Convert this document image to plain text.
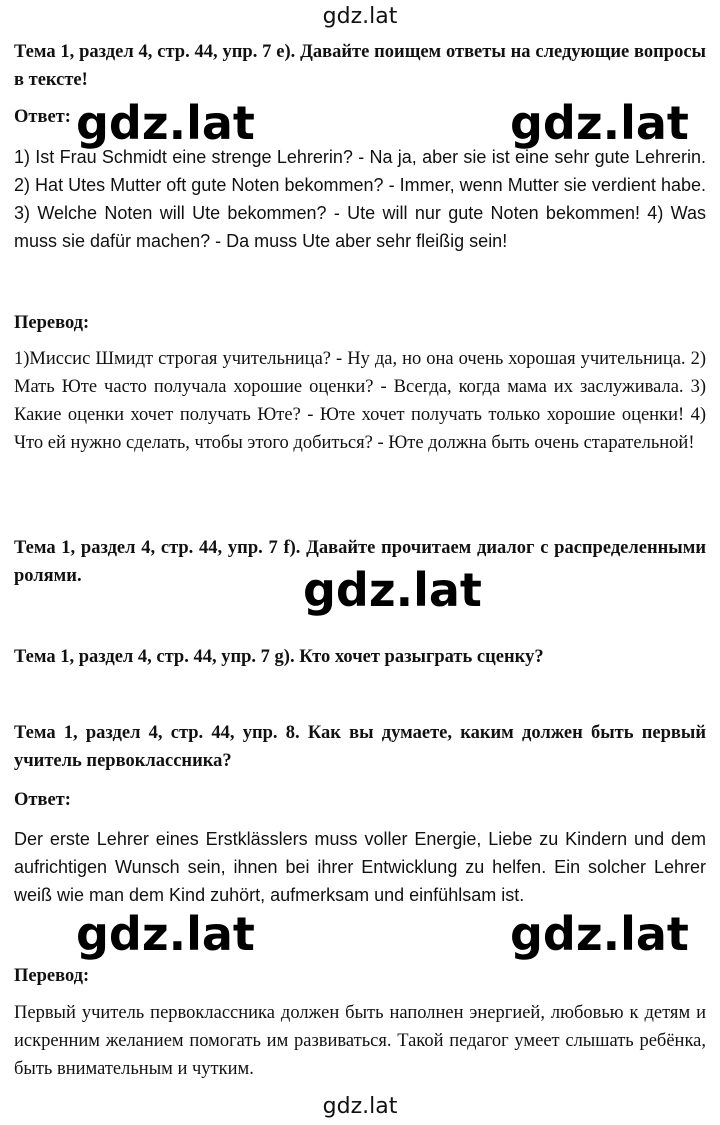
gdz.lat

Тема 1, раздел 4, стр. 44, упр. 7 e). Давайте поищем ответы на следующие вопросы в тексте!

Ответ:

1) Ist Frau Schmidt eine strenge Lehrerin? - Na ja, aber sie ist eine sehr gute Lehrerin. 2) Hat Utes Mutter oft gute Noten bekommen? - Immer, wenn Mutter sie verdient habe. 3) Welche Noten will Ute bekommen? - Ute will nur gute Noten bekommen! 4) Was muss sie dafür machen? - Da muss Ute aber sehr fleißig sein!

Перевод:

1)Миссис Шмидт строгая учительница? - Ну да, но она очень хорошая учительница. 2) Мать Юте часто получала хорошие оценки? - Всегда, когда мама их заслуживала. 3) Какие оценки хочет получать Юте? - Юте хочет получать только хорошие оценки! 4) Что ей нужно сделать, чтобы этого добиться? - Юте должна быть очень старательной!

Тема 1, раздел 4, стр. 44, упр. 7 f). Давайте прочитаем диалог с распределенными ролями.

Тема 1, раздел 4, стр. 44, упр. 7 g). Кто хочет разыграть сценку?

Тема 1, раздел 4, стр. 44, упр. 8. Как вы думаете, каким должен быть первый учитель первоклассника?

Ответ:

Der erste Lehrer eines Erstklässlers muss voller Energie, Liebe zu Kindern und dem aufrichtigen Wunsch sein, ihnen bei ihrer Entwicklung zu helfen. Ein solcher Lehrer weiß wie man dem Kind zuhört, aufmerksam und einfühlsam ist.

Перевод:

Первый учитель первоклассника должен быть наполнен энергией, любовью к детям и искренним желанием помогать им развиваться. Такой педагог умеет слышать ребёнка, быть внимательным и чутким.

gdz.lat	gdz.lat
gdz.lat
gdz.lat	gdz.lat
gdz.lat
